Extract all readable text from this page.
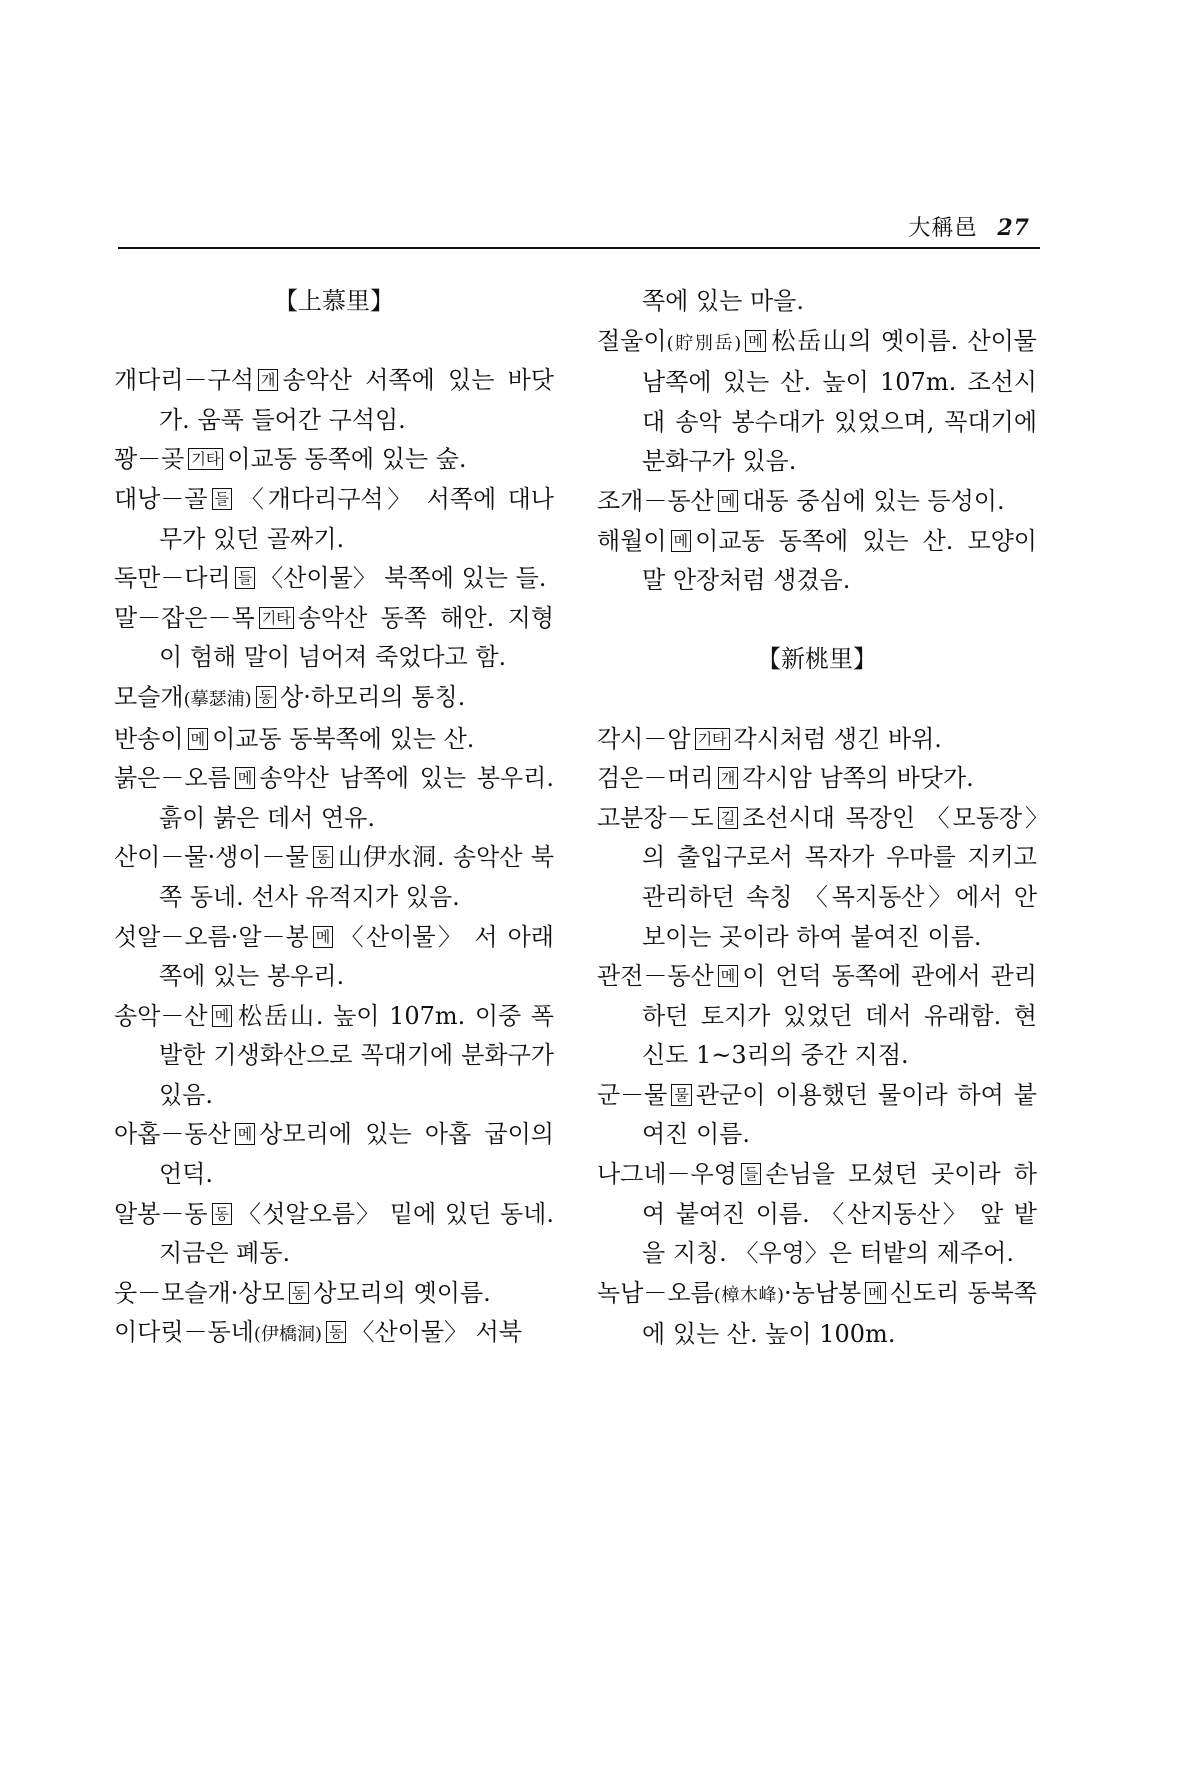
大稱邑 27
【上慕里】
개다리－구석 개 송악산 서쪽에 있는 바닷가. 움푹 들어간 구석임.
꽝－곶 기타 이교동 동쪽에 있는 숲.
대낭－골 들 〈개다리구석〉 서쪽에 대나무가 있던 골짜기.
독만－다리 들 〈산이물〉 북쪽에 있는 들.
말－잡은－목 기타 송악산 동쪽 해안. 지형이 험해 말이 넘어져 죽었다고 함.
모슬개(摹瑟浦) 동 상·하모리의 통칭.
반송이 메 이교동 동북쪽에 있는 산.
붉은－오름 메 송악산 남쪽에 있는 봉우리. 흙이 붉은 데서 연유.
산이－물·생이－물 동 山伊水洞. 송악산 북쪽 동네. 선사 유적지가 있음.
섯알－오름·알－봉 메 〈산이물〉 서 아래쪽에 있는 봉우리.
송악－산 메 松岳山. 높이 107m. 이중 폭발한 기생화산으로 꼭대기에 분화구가 있음.
아홉－동산 메 상모리에 있는 아홉 굽이의 언덕.
알봉－동 동 〈섯알오름〉 밑에 있던 동네. 지금은 폐동.
웃－모슬개·상모 동 상모리의 옛이름.
이다릿－동네(伊橋洞) 동 〈산이물〉 서북
쪽에 있는 마을.
절울이(貯別岳) 메 松岳山의 옛이름. 산이물 남쪽에 있는 산. 높이 107m. 조선시대 송악 봉수대가 있었으며, 꼭대기에 분화구가 있음.
조개－동산 메 대동 중심에 있는 등성이.
해월이 메 이교동 동쪽에 있는 산. 모양이 말 안장처럼 생겼음.
【新桃里】
각시－암 기타 각시처럼 생긴 바위.
검은－머리 개 각시암 남쪽의 바닷가.
고분장－도 길 조선시대 목장인 〈모동장〉의 출입구로서 목자가 우마를 지키고 관리하던 속칭 〈목지동산〉에서 안 보이는 곳이라 하여 붙여진 이름.
관전－동산 메 이 언덕 동쪽에 관에서 관리하던 토지가 있었던 데서 유래함. 현 신도 1~3리의 중간 지점.
군－물 물 관군이 이용했던 물이라 하여 붙여진 이름.
나그네－우영 들 손님을 모셨던 곳이라 하여 붙여진 이름. 〈산지동산〉 앞 밭을 지칭. 〈우영〉은 터밭의 제주어.
녹남－오름(樟木峰)·농남봉 메 신도리 동북쪽에 있는 산. 높이 100m.
